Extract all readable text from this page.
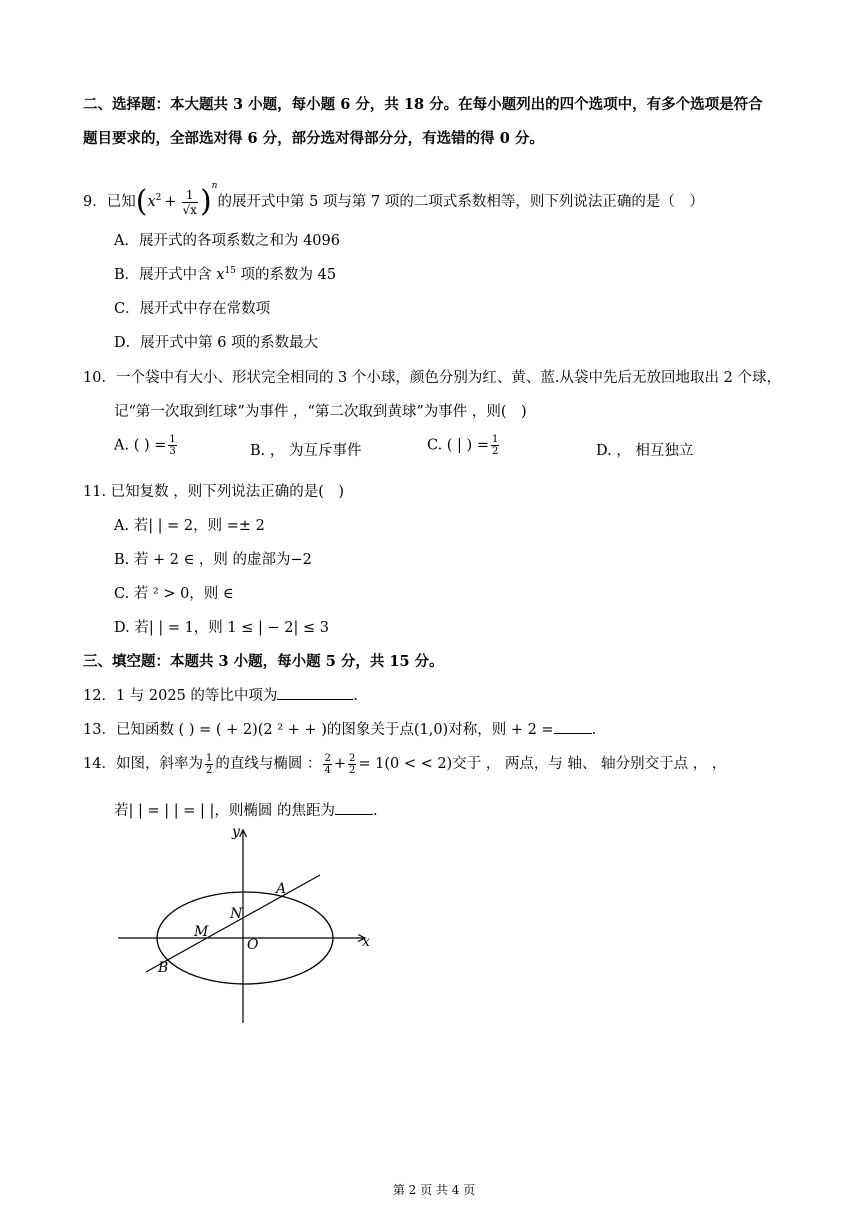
二、选择题：本大题共 3 小题，每小题 6 分，共 18 分。在每小题列出的四个选项中，有多个选项是符合
题目要求的，全部选对得 6 分，部分选对得部分分，有选错的得 0 分。
9．已知$(x^2 + \frac{1}{√x} )^n$的展开式中第 5 项与第 7 项的二项式系数相等，则下列说法正确的是（　）
A．展开式的各项系数之和为 4096
B．展开式中含 $x^{15}$ 项的系数为 45
C．展开式中存在常数项
D．展开式中第 6 项的系数最大
10．一个袋中有大小、形状完全相同的 3 个小球，颜色分别为红、黄、蓝.从袋中先后无放回地取出 2 个球，
记“第一次取到红球”为事件 ，“第二次取到黄球”为事件 ，则(　)
A. ( ) = $\frac{1}{3}$	B. ， 为互斥事件	C. ( | ) = $\frac{1}{2}$	D. ， 相互独立
11. 已知复数 ，则下列说法正确的是(　)
A. 若| | = 2，则 =± 2
B. 若 + 2 ∈ ，则 的虚部为−2
C. 若 ² > 0，则 ∈
D. 若| | = 1，则 1 ≤ | − 2| ≤ 3
三、填空题：本题共 3 小题，每小题 5 分，共 15 分。
12．1 与 2025 的等比中项为	.
13．已知函数 ( ) = ( + 2)(2 ² + + )的图象关于点(1,0)对称，则 + 2 =	.
14．如图，斜率为 $\frac{1}{2}$ 的直线与椭圆 ： $\frac{2}{4} + \frac{2}{2} = 1(0$ < < 2)交于 ， 两点，与 轴、 轴分别交于点 ， ，
若| | = | | = | |，则椭圆 的焦距为	.
x
y
O
A
B
M
N
第 2 页 共 4 页
